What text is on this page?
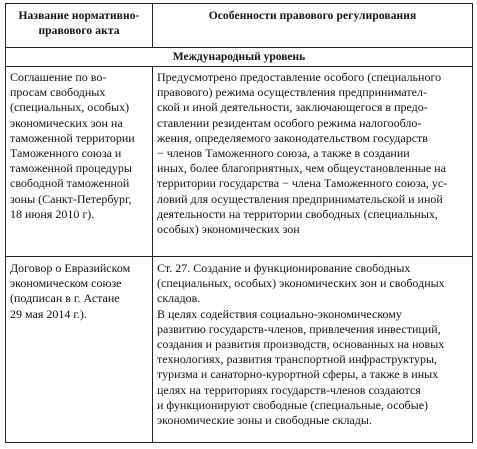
Название нормативно-
правового акта
Особенности правового регулирования
Международный уровень
Соглашение по во-
просам свободных
(специальных, особых)
экономических зон на
таможенной территории
Таможенного союза и
таможенной процедуры
свободной таможенной
зоны (Санкт-Петербург,
18 июня 2010 г).
Предусмотрено предоставление особого (специального
правового) режима осуществления предпринимател-
ской и иной деятельности, заключающегося в предо-
ставлении резидентам особого режима налогообло-
жения, определяемого законодательством государств
− членов Таможенного союза, а также в создании
иных, более благоприятных, чем общеустановленные на
территории государства − члена Таможенного союза, ус-
ловий для осуществления предпринимательской и иной
деятельности на территории свободных (специальных,
особых) экономических зон
Договор о Евразийском
экономическом союзе
(подписан в г. Астане
29 мая 2014 г.).
Ст. 27. Создание и функционирование свободных
(специальных, особых) экономических зон и свободных
складов.
В целях содействия социально-экономическому
развитию государств-членов, привлечения инвестиций,
создания и развития производств, основанных на новых
технологиях, развития транспортной инфраструктуры,
туризма и санаторно-курортной сферы, а также в иных
целях на территориях государств-членов создаются
и функционируют свободные (специальные, особые)
экономические зоны и свободные склады.
